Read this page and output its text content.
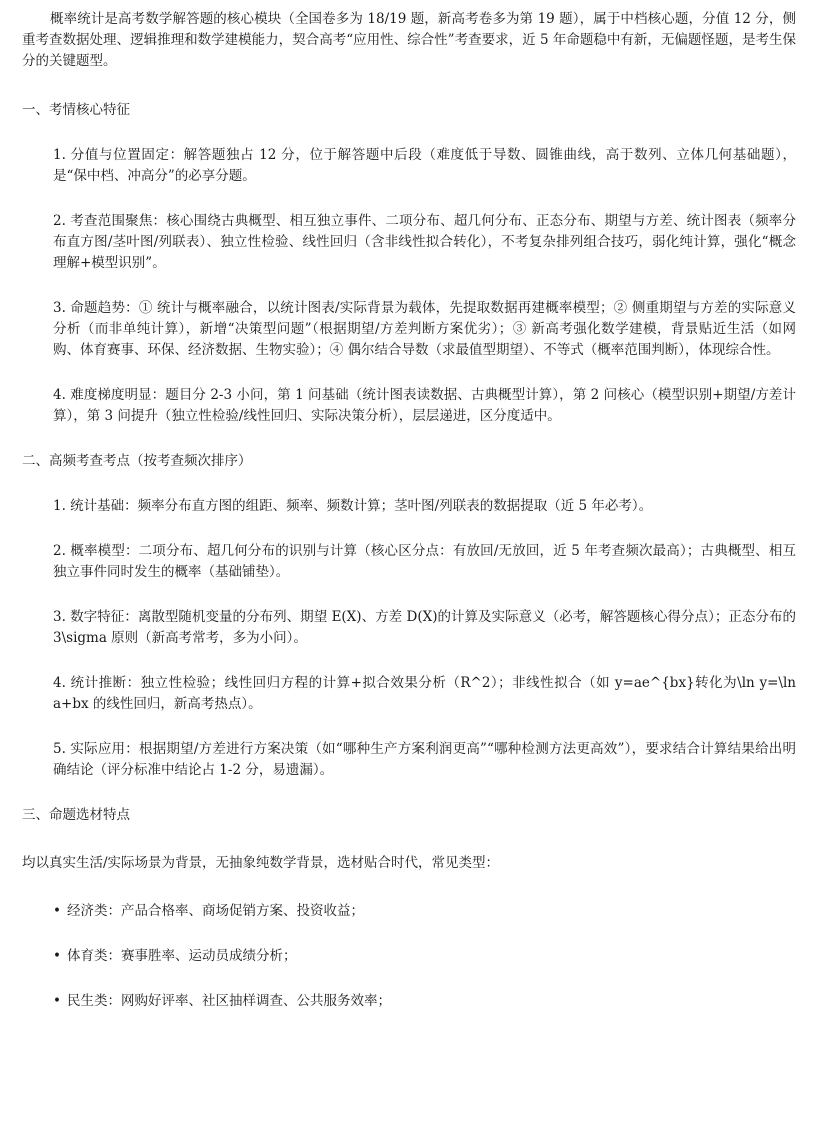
概率统计是高考数学解答题的核心模块（全国卷多为 18/19 题，新高考卷多为第 19 题），属于中档核心题，分值 12 分，侧重考查数据处理、逻辑推理和数学建模能力，契合高考“应用性、综合性”考查要求，近 5 年命题稳中有新，无偏题怪题，是考生保分的关键题型。

一、考情核心特征

1. 分值与位置固定：解答题独占 12 分，位于解答题中后段（难度低于导数、圆锥曲线，高于数列、立体几何基础题），是“保中档、冲高分”的必享分题。

2. 考查范围聚焦：核心围绕古典概型、相互独立事件、二项分布、超几何分布、正态分布、期望与方差、统计图表（频率分布直方图/茎叶图/列联表）、独立性检验、线性回归（含非线性拟合转化），不考复杂排列组合技巧，弱化纯计算，强化“概念理解+模型识别”。

3. 命题趋势：① 统计与概率融合，以统计图表/实际背景为载体，先提取数据再建概率模型；② 侧重期望与方差的实际意义分析（而非单纯计算），新增“决策型问题”（根据期望/方差判断方案优劣）；③ 新高考强化数学建模，背景贴近生活（如网购、体育赛事、环保、经济数据、生物实验）；④ 偶尔结合导数（求最值型期望）、不等式（概率范围判断），体现综合性。

4. 难度梯度明显：题目分 2-3 小问，第 1 问基础（统计图表读数据、古典概型计算），第 2 问核心（模型识别+期望/方差计算），第 3 问提升（独立性检验/线性回归、实际决策分析），层层递进，区分度适中。

二、高频考查考点（按考查频次排序）

1. 统计基础：频率分布直方图的组距、频率、频数计算；茎叶图/列联表的数据提取（近 5 年必考）。

2. 概率模型：二项分布、超几何分布的识别与计算（核心区分点：有放回/无放回，近 5 年考查频次最高）；古典概型、相互独立事件同时发生的概率（基础铺垫）。

3. 数字特征：离散型随机变量的分布列、期望 E(X)、方差 D(X)的计算及实际意义（必考，解答题核心得分点）；正态分布的 3\sigma 原则（新高考常考，多为小问）。

4. 统计推断：独立性检验；线性回归方程的计算+拟合效果分析（R^2）；非线性拟合（如 y=ae^{bx}转化为\ln y=\ln a+bx 的线性回归，新高考热点）。

5. 实际应用：根据期望/方差进行方案决策（如“哪种生产方案利润更高”“哪种检测方法更高效”），要求结合计算结果给出明确结论（评分标准中结论占 1-2 分，易遗漏）。

三、命题选材特点

均以真实生活/实际场景为背景，无抽象纯数学背景，选材贴合时代，常见类型：

• 经济类：产品合格率、商场促销方案、投资收益；

• 体育类：赛事胜率、运动员成绩分析；

• 民生类：网购好评率、社区抽样调查、公共服务效率；
